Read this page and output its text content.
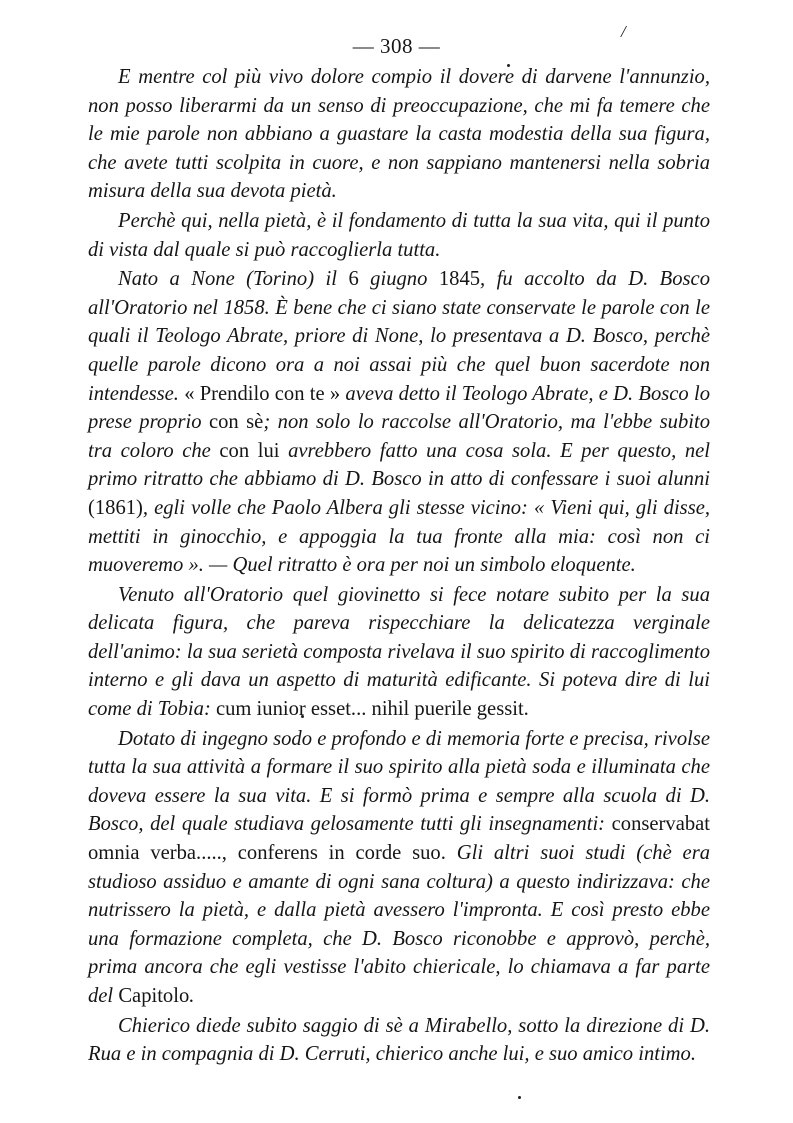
— 308 —
/

E mentre col più vivo dolore compio il dovere di darvene l'annunzio, non posso liberarmi da un senso di preoccupazione, che mi fa temere che le mie parole non abbiano a guastare la casta modestia della sua figura, che avete tutti scolpita in cuore, e non sappiano mantenersi nella sobria misura della sua devota pietà.

Perchè qui, nella pietà, è il fondamento di tutta la sua vita, qui il punto di vista dal quale si può raccoglierla tutta.

Nato a None (Torino) il 6 giugno 1845, fu accolto da D. Bosco all'Oratorio nel 1858. È bene che ci siano state conservate le parole con le quali il Teologo Abrate, priore di None, lo presentava a D. Bosco, perchè quelle parole dicono ora a noi assai più che quel buon sacerdote non intendesse. « Prendilo con te » aveva detto il Teologo Abrate, e D. Bosco lo prese proprio con sè; non solo lo raccolse all'Oratorio, ma l'ebbe subito tra coloro che con lui avrebbero fatto una cosa sola. E per questo, nel primo ritratto che abbiamo di D. Bosco in atto di confessare i suoi alunni (1861), egli volle che Paolo Albera gli stesse vicino: « Vieni qui, gli disse, mettiti in ginocchio, e appoggia la tua fronte alla mia: così non ci muoveremo ». — Quel ritratto è ora per noi un simbolo eloquente.

Venuto all'Oratorio quel giovinetto si fece notare subito per la sua delicata figura, che pareva rispecchiare la delicatezza verginale dell'animo: la sua serietà composta rivelava il suo spirito di raccoglimento interno e gli dava un aspetto di maturità edificante. Si poteva dire di lui come di Tobia: cum iunior esset... nihil puerile gessit.

Dotato di ingegno sodo e profondo e di memoria forte e precisa, rivolse tutta la sua attività a formare il suo spirito alla pietà soda e illuminata che doveva essere la sua vita. E si formò prima e sempre alla scuola di D. Bosco, del quale studiava gelosamente tutti gli insegnamenti: conservabat omnia verba....., conferens in corde suo. Gli altri suoi studi (chè era studioso assiduo e amante di ogni sana coltura) a questo indirizzava: che nutrissero la pietà, e dalla pietà avessero l'impronta. E così presto ebbe una formazione completa, che D. Bosco riconobbe e approvò, perchè, prima ancora che egli vestisse l'abito chiericale, lo chiamava a far parte del Capitolo.

Chierico diede subito saggio di sè a Mirabello, sotto la direzione di D. Rua e in compagnia di D. Cerruti, chierico anche lui, e suo amico intimo.
